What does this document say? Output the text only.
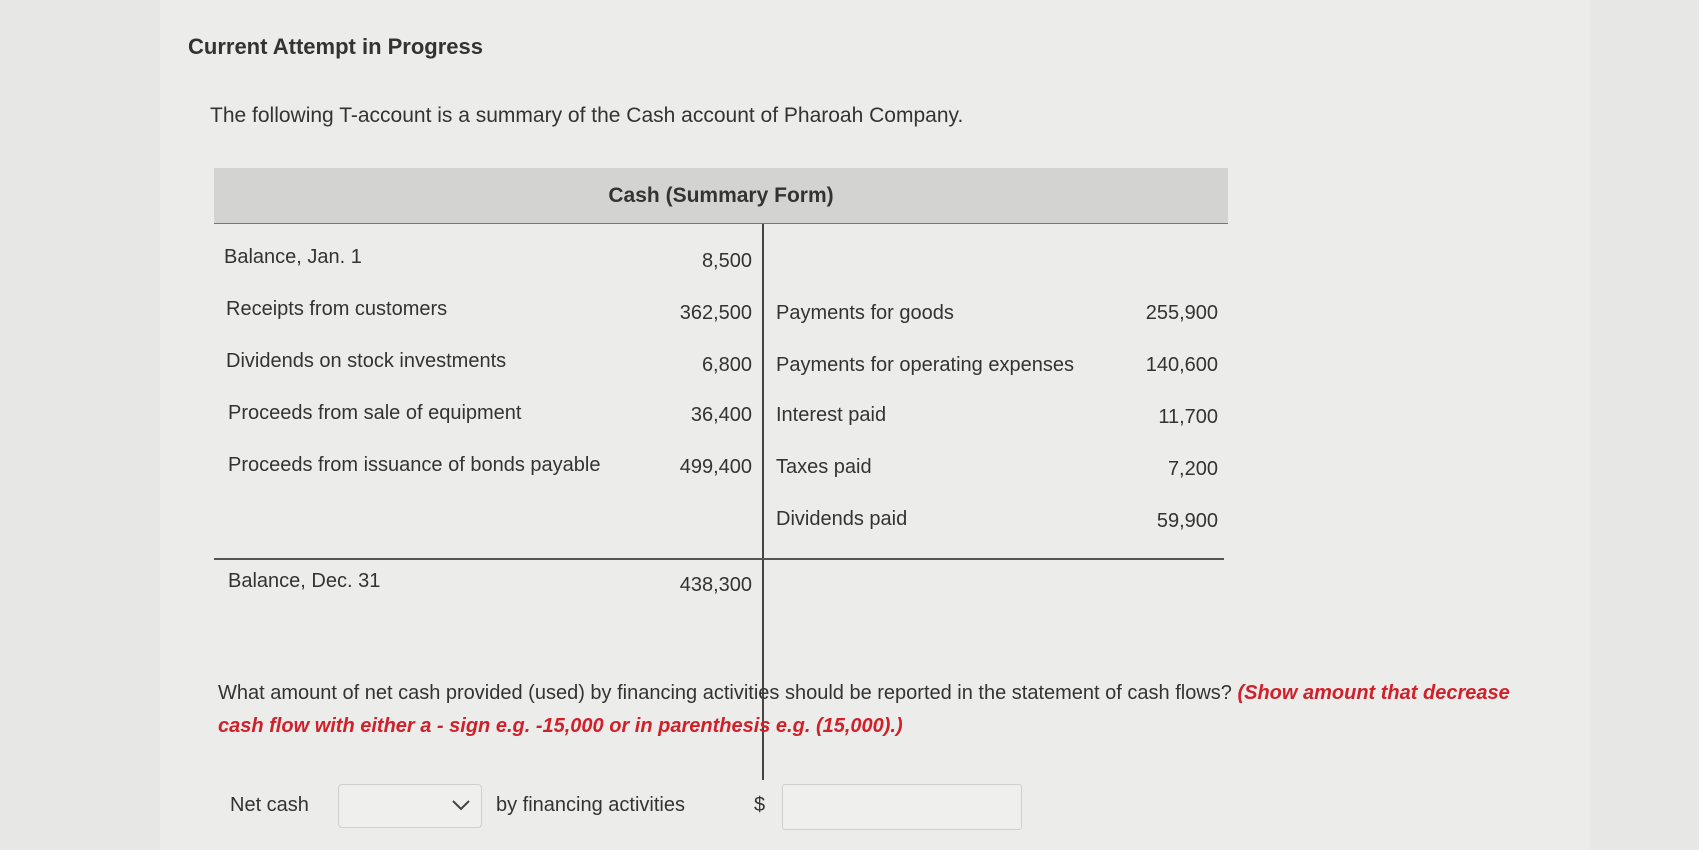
Current Attempt in Progress
The following T-account is a summary of the Cash account of Pharoah Company.
Cash (Summary Form)
Balance, Jan. 1	8,500
Receipts from customers	362,500
Dividends on stock investments	6,800
Proceeds from sale of equipment	36,400
Proceeds from issuance of bonds payable	499,400
Payments for goods	255,900
Payments for operating expenses	140,600
Interest paid	11,700
Taxes paid	7,200
Dividends paid	59,900
Balance, Dec. 31	438,300
What amount of net cash provided (used) by financing activities should be reported in the statement of cash flows? (Show amount that decrease cash flow with either a - sign e.g. -15,000 or in parenthesis e.g. (15,000).)
Net cash	by financing activities	$
